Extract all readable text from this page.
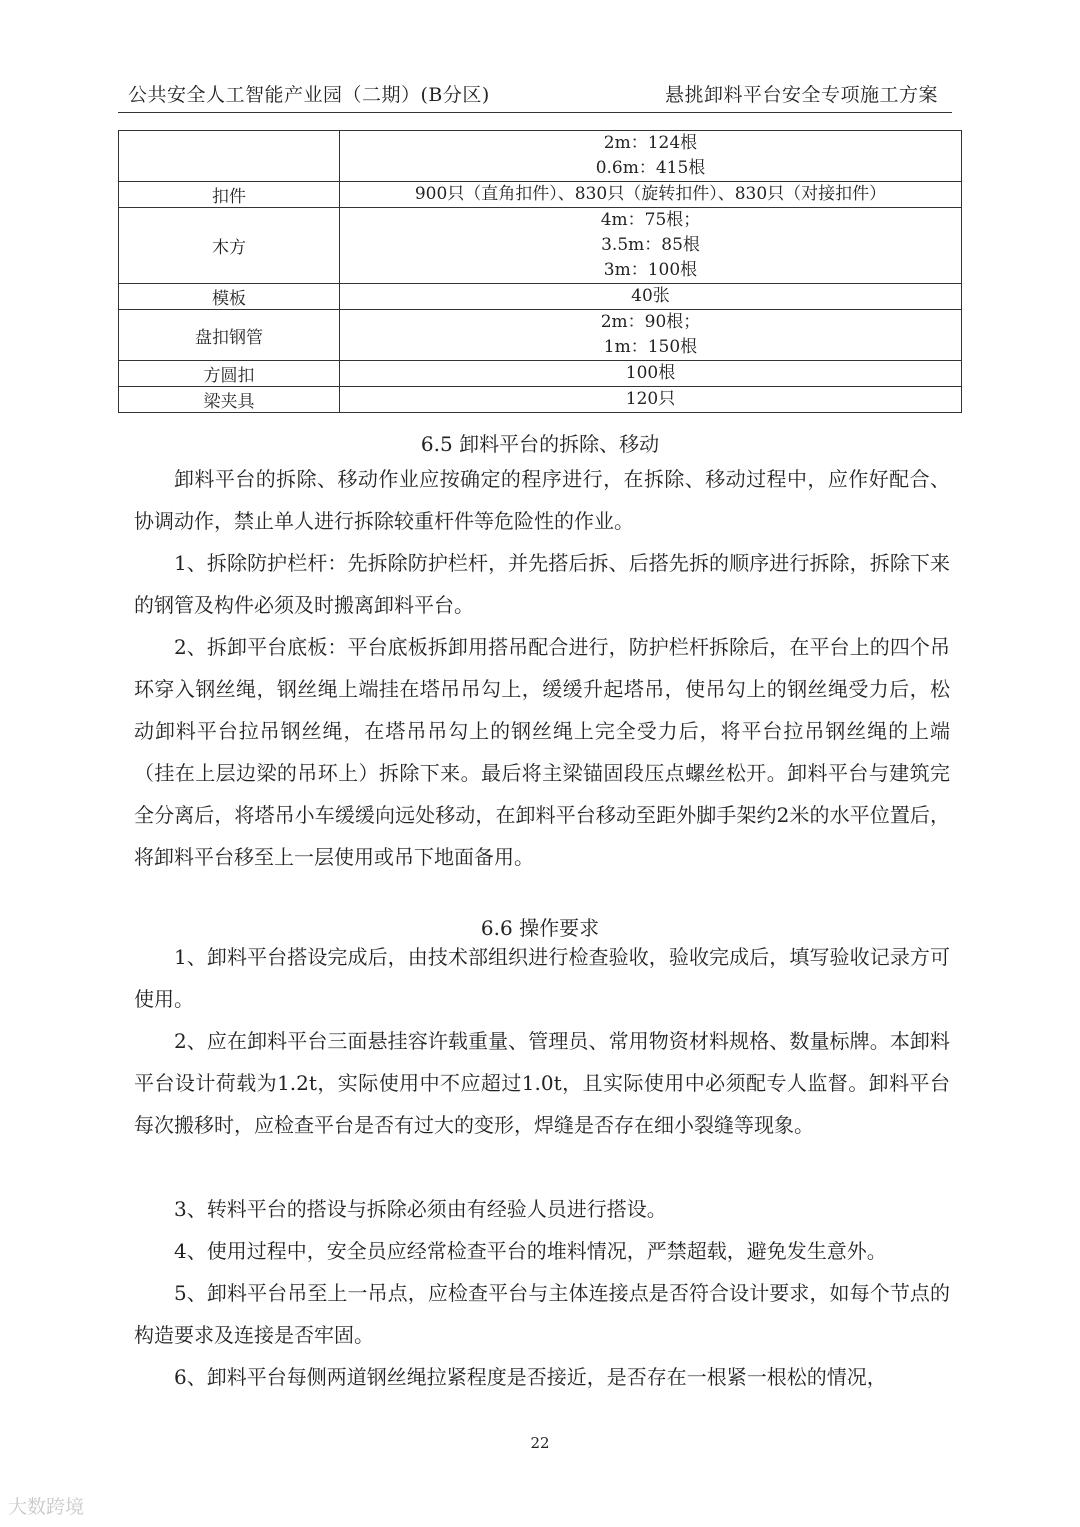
公共安全人工智能产业园（二期）(B分区)	悬挑卸料平台安全专项施工方案

	2m：124根
0.6m：415根

扣件	900只（直角扣件）、830只（旋转扣件）、830只（对接扣件）

木方	4m：75根；
3.5m：85根
3m：100根

模板	40张

盘扣钢管	2m：90根；
1m：150根

方圆扣	100根

梁夹具	120只
6.5 卸料平台的拆除、移动
卸料平台的拆除、移动作业应按确定的程序进行，在拆除、移动过程中，应作好配合、协调动作，禁止单人进行拆除较重杆件等危险性的作业。
1、拆除防护栏杆：先拆除防护栏杆，并先搭后拆、后搭先拆的顺序进行拆除，拆除下来的钢管及构件必须及时搬离卸料平台。
2、拆卸平台底板：平台底板拆卸用搭吊配合进行，防护栏杆拆除后，在平台上的四个吊环穿入钢丝绳，钢丝绳上端挂在塔吊吊勾上，缓缓升起塔吊，使吊勾上的钢丝绳受力后，松动卸料平台拉吊钢丝绳，在塔吊吊勾上的钢丝绳上完全受力后，将平台拉吊钢丝绳的上端（挂在上层边梁的吊环上）拆除下来。最后将主梁锚固段压点螺丝松开。卸料平台与建筑完全分离后，将塔吊小车缓缓向远处移动，在卸料平台移动至距外脚手架约2米的水平位置后，将卸料平台移至上一层使用或吊下地面备用。
6.6 操作要求
1、卸料平台搭设完成后，由技术部组织进行检查验收，验收完成后，填写验收记录方可使用。
2、应在卸料平台三面悬挂容许载重量、管理员、常用物资材料规格、数量标牌。本卸料平台设计荷载为1.2t，实际使用中不应超过1.0t，且实际使用中必须配专人监督。卸料平台每次搬移时，应检查平台是否有过大的变形，焊缝是否存在细小裂缝等现象。
3、转料平台的搭设与拆除必须由有经验人员进行搭设。
4、使用过程中，安全员应经常检查平台的堆料情况，严禁超载，避免发生意外。
5、卸料平台吊至上一吊点，应检查平台与主体连接点是否符合设计要求，如每个节点的构造要求及连接是否牢固。
6、卸料平台每侧两道钢丝绳拉紧程度是否接近，是否存在一根紧一根松的情况，
22
大数跨境
